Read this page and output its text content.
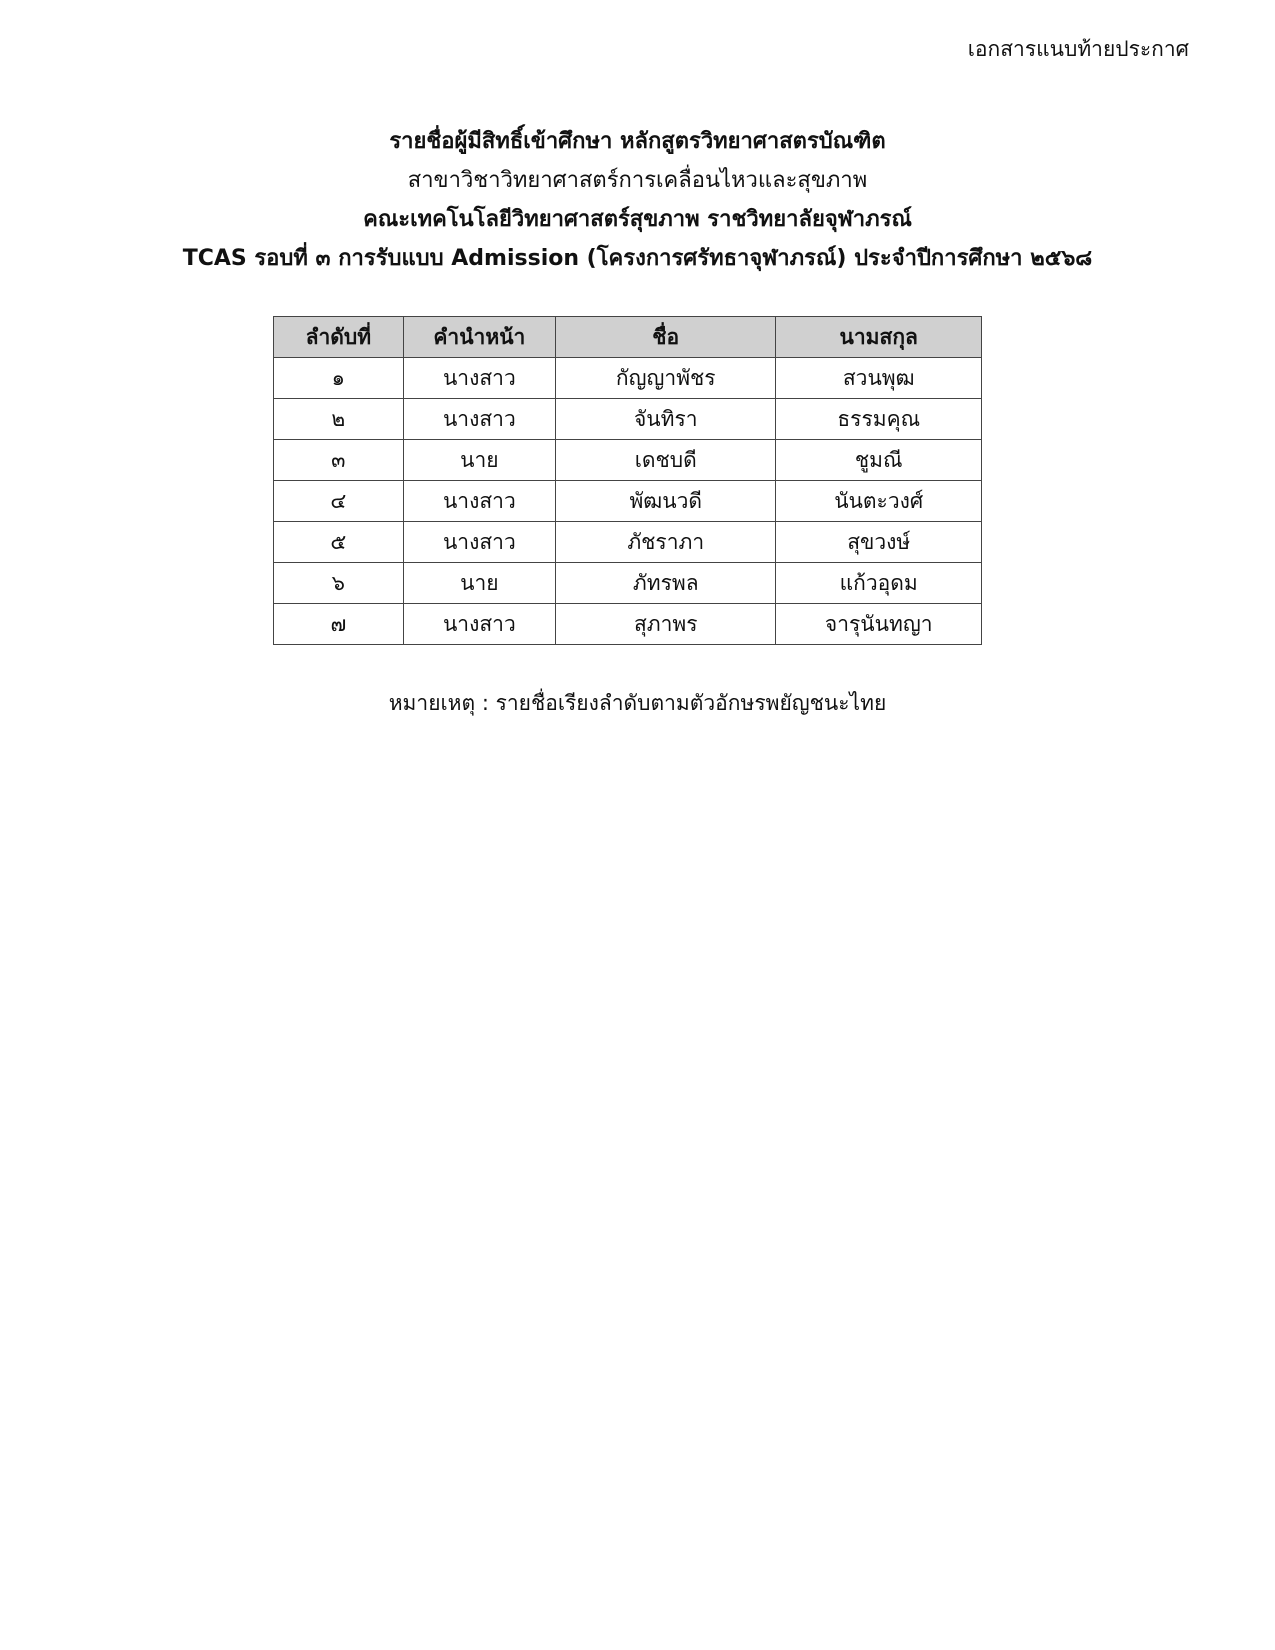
เอกสารแนบท้ายประกาศ
รายชื่อผู้มีสิทธิ์เข้าศึกษา หลักสูตรวิทยาศาสตรบัณฑิต
สาขาวิชาวิทยาศาสตร์การเคลื่อนไหวและสุขภาพ
คณะเทคโนโลยีวิทยาศาสตร์สุขภาพ ราชวิทยาลัยจุฬาภรณ์
TCAS รอบที่ ๓ การรับแบบ Admission (โครงการศรัทธาจุฬาภรณ์) ประจำปีการศึกษา ๒๕๖๘
ลำดับที่	คำนำหน้า	ชื่อ	นามสกุล
๑	นางสาว	กัญญาพัชร	สวนพุฒ
๒	นางสาว	จันทิรา	ธรรมคุณ
๓	นาย	เดชบดี	ชูมณี
๔	นางสาว	พัฒนวดี	นันตะวงศ์
๕	นางสาว	ภัชราภา	สุขวงษ์
๖	นาย	ภัทรพล	แก้วอุดม
๗	นางสาว	สุภาพร	จารุนันทญา
หมายเหตุ : รายชื่อเรียงลำดับตามตัวอักษรพยัญชนะไทย
